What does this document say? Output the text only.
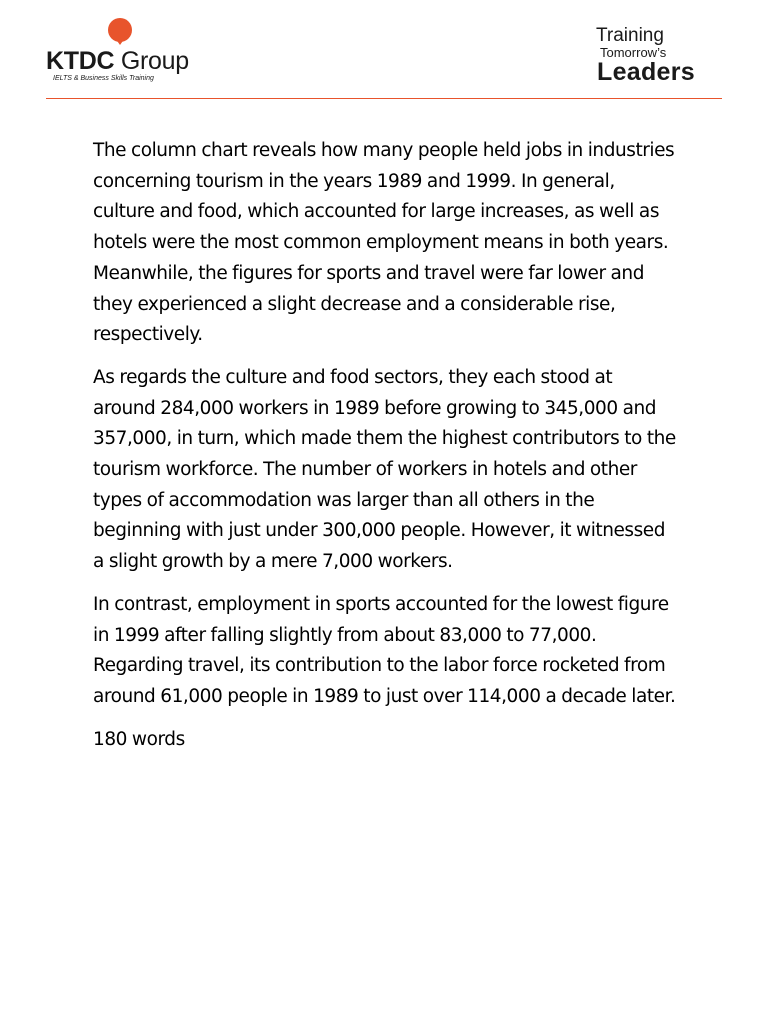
KTDC Group
IELTS & Business Skills Training
Training
Tomorrow’s
Leaders

The column chart reveals how many people held jobs in industries concerning tourism in the years 1989 and 1999. In general, culture and food, which accounted for large increases, as well as hotels were the most common employment means in both years. Meanwhile, the figures for sports and travel were far lower and they experienced a slight decrease and a considerable rise, respectively.

As regards the culture and food sectors, they each stood at around 284,000 workers in 1989 before growing to 345,000 and 357,000, in turn, which made them the highest contributors to the tourism workforce. The number of workers in hotels and other types of accommodation was larger than all others in the beginning with just under 300,000 people. However, it witnessed a slight growth by a mere 7,000 workers.

In contrast, employment in sports accounted for the lowest figure in 1999 after falling slightly from about 83,000 to 77,000. Regarding travel, its contribution to the labor force rocketed from around 61,000 people in 1989 to just over 114,000 a decade later.

180 words
